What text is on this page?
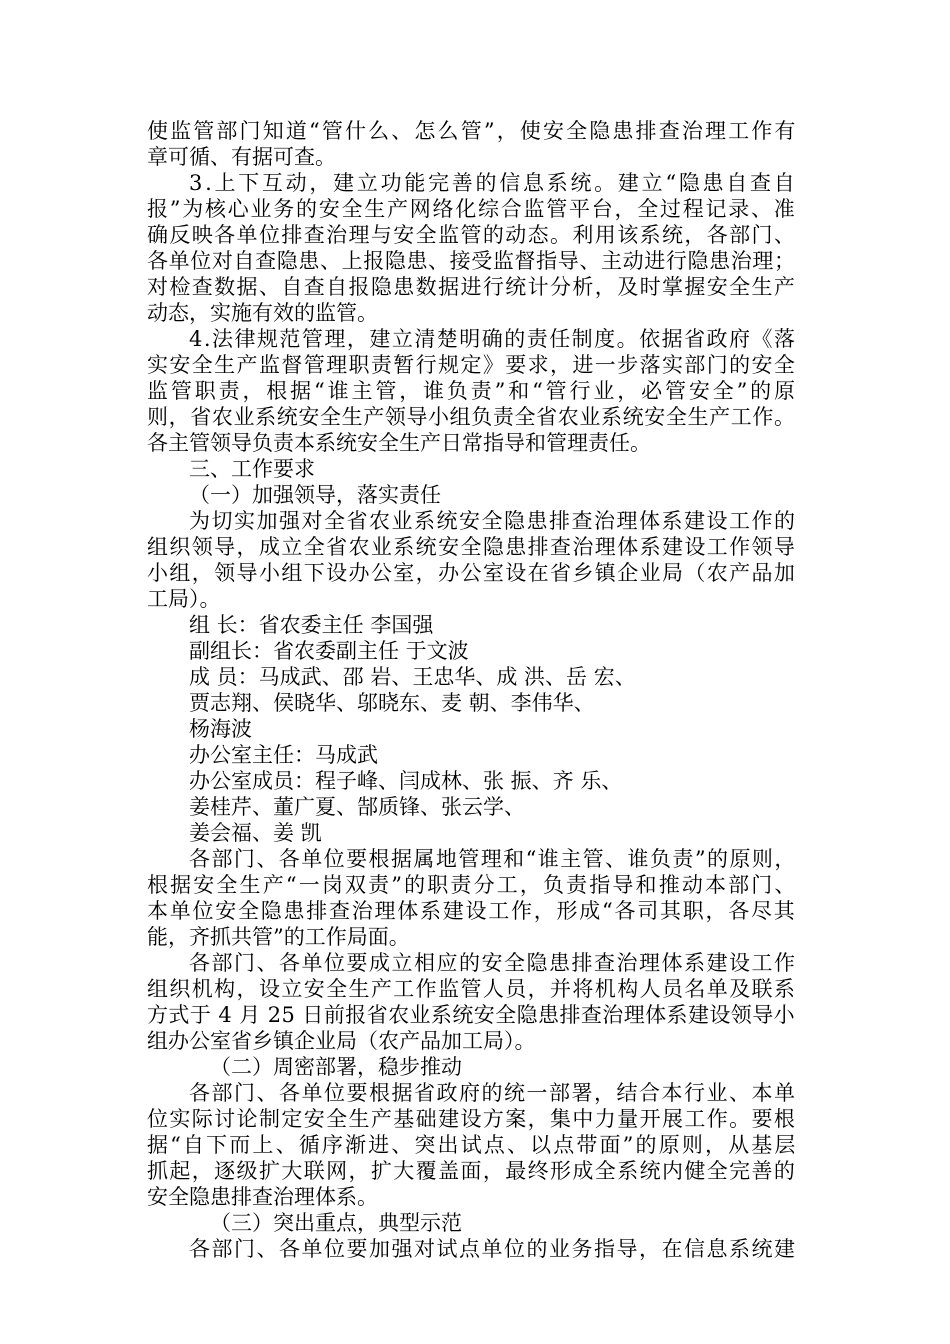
使监管部门知道“管什么、怎么管”，使安全隐患排查治理工作有
章可循、有据可查。
3.上下互动，建立功能完善的信息系统。建立“隐患自查自
报”为核心业务的安全生产网络化综合监管平台，全过程记录、准
确反映各单位排查治理与安全监管的动态。利用该系统，各部门、
各单位对自查隐患、上报隐患、接受监督指导、主动进行隐患治理；
对检查数据、自查自报隐患数据进行统计分析，及时掌握安全生产
动态，实施有效的监管。
4.法律规范管理，建立清楚明确的责任制度。依据省政府《落
实安全生产监督管理职责暂行规定》要求，进一步落实部门的安全
监管职责，根据“谁主管，谁负责”和“管行业，必管安全”的原
则，省农业系统安全生产领导小组负责全省农业系统安全生产工作。
各主管领导负责本系统安全生产日常指导和管理责任。
三、工作要求
（一）加强领导，落实责任
为切实加强对全省农业系统安全隐患排查治理体系建设工作的
组织领导，成立全省农业系统安全隐患排查治理体系建设工作领导
小组，领导小组下设办公室，办公室设在省乡镇企业局（农产品加
工局）。
组 长：省农委主任 李国强
副组长：省农委副主任 于文波
成 员：马成武、邵 岩、王忠华、成 洪、岳 宏、
贾志翔、侯晓华、邬晓东、麦 朝、李伟华、
杨海波
办公室主任：马成武
办公室成员：程子峰、闫成林、张 振、齐 乐、
姜桂芹、董广夏、郜质锋、张云学、
姜会福、姜 凯
各部门、各单位要根据属地管理和“谁主管、谁负责”的原则，
根据安全生产“一岗双责”的职责分工，负责指导和推动本部门、
本单位安全隐患排查治理体系建设工作，形成“各司其职，各尽其
能，齐抓共管”的工作局面。
各部门、各单位要成立相应的安全隐患排查治理体系建设工作
组织机构，设立安全生产工作监管人员，并将机构人员名单及联系
方式于 4 月 25 日前报省农业系统安全隐患排查治理体系建设领导小
组办公室省乡镇企业局（农产品加工局）。
（二）周密部署，稳步推动
各部门、各单位要根据省政府的统一部署，结合本行业、本单
位实际讨论制定安全生产基础建设方案，集中力量开展工作。要根
据“自下而上、循序渐进、突出试点、以点带面”的原则，从基层
抓起，逐级扩大联网，扩大覆盖面，最终形成全系统内健全完善的
安全隐患排查治理体系。
（三）突出重点，典型示范
各部门、各单位要加强对试点单位的业务指导，在信息系统建
